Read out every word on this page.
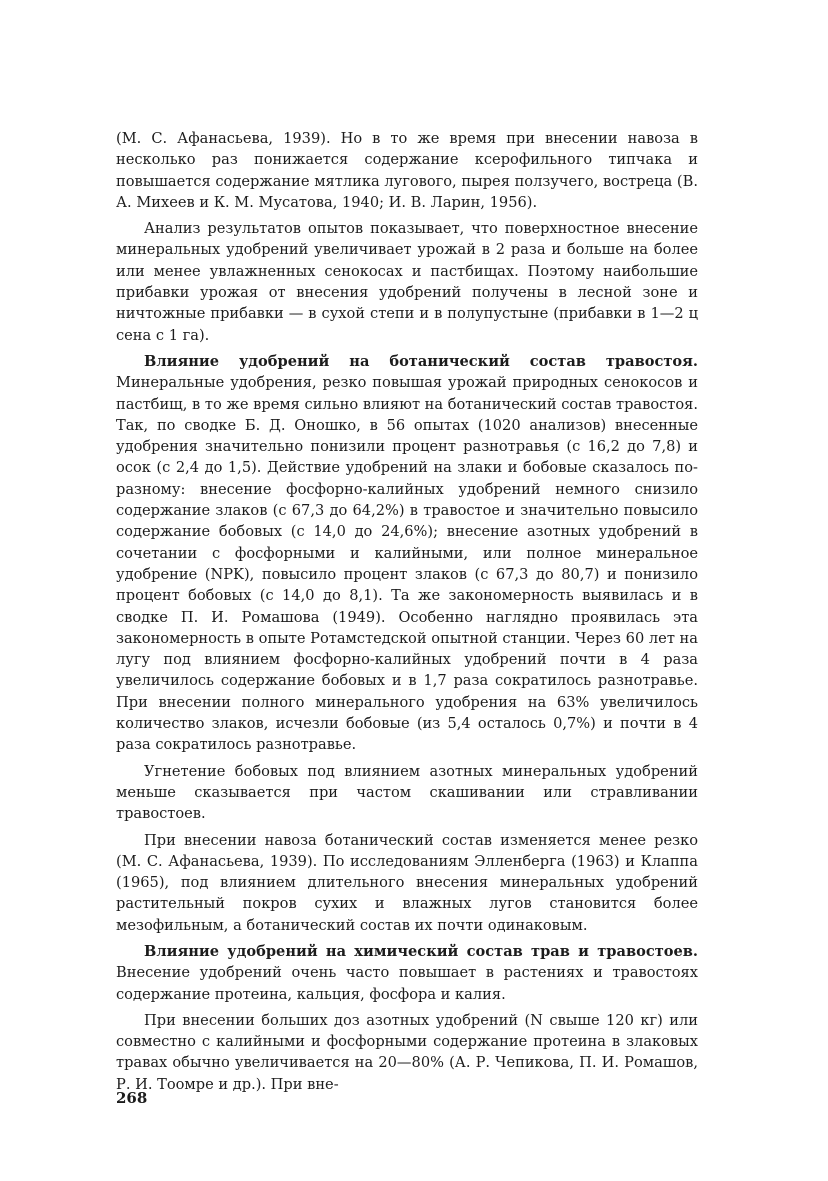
(М. С. Афанасьева, 1939). Но в то же время при внесении навоза в несколько раз понижается содержание ксерофильного типчака и повышается содержание мятлика лугового, пырея ползучего, востреца (В. А. Михеев и К. М. Мусатова, 1940; И. В. Ларин, 1956).

Анализ результатов опытов показывает, что поверхностное внесение минеральных удобрений увеличивает урожай в 2 раза и больше на более или менее увлажненных сенокосах и пастбищах. Поэтому наибольшие прибавки урожая от внесения удобрений получены в лесной зоне и ничтожные прибавки — в сухой степи и в полупустыне (прибавки в 1—2 ц сена с 1 га).

Влияние удобрений на ботанический состав травостоя. Минеральные удобрения, резко повышая урожай природных сенокосов и пастбищ, в то же время сильно влияют на ботанический состав травостоя. Так, по сводке Б. Д. Оношко, в 56 опытах (1020 анализов) внесенные удобрения значительно понизили процент разнотравья (с 16,2 до 7,8) и осок (с 2,4 до 1,5). Действие удобрений на злаки и бобовые сказалось по-разному: внесение фосфорно-калийных удобрений немного снизило содержание злаков (с 67,3 до 64,2%) в травостое и значительно повысило содержание бобовых (с 14,0 до 24,6%); внесение азотных удобрений в сочетании с фосфорными и калийными, или полное минеральное удобрение (NPK), повысило процент злаков (с 67,3 до 80,7) и понизило процент бобовых (с 14,0 до 8,1). Та же закономерность выявилась и в сводке П. И. Ромашова (1949). Особенно наглядно проявилась эта закономерность в опыте Ротамстедской опытной станции. Через 60 лет на лугу под влиянием фосфорно-калийных удобрений почти в 4 раза увеличилось содержание бобовых и в 1,7 раза сократилось разнотравье. При внесении полного минерального удобрения на 63% увеличилось количество злаков, исчезли бобовые (из 5,4 осталось 0,7%) и почти в 4 раза сократилось разнотравье.

Угнетение бобовых под влиянием азотных минеральных удобрений меньше сказывается при частом скашивании или стравливании травостоев.

При внесении навоза ботанический состав изменяется менее резко (М. С. Афанасьева, 1939). По исследованиям Элленберга (1963) и Клаппа (1965), под влиянием длительного внесения минеральных удобрений растительный покров сухих и влажных лугов становится более мезофильным, а ботанический состав их почти одинаковым.

Влияние удобрений на химический состав трав и травостоев. Внесение удобрений очень часто повышает в растениях и травостоях содержание протеина, кальция, фосфора и калия.

При внесении больших доз азотных удобрений (N свыше 120 кг) или совместно с калийными и фосфорными содержание протеина в злаковых травах обычно увеличивается на 20—80% (А. Р. Чепикова, П. И. Ромашов, Р. И. Тоомре и др.). При вне-

268
